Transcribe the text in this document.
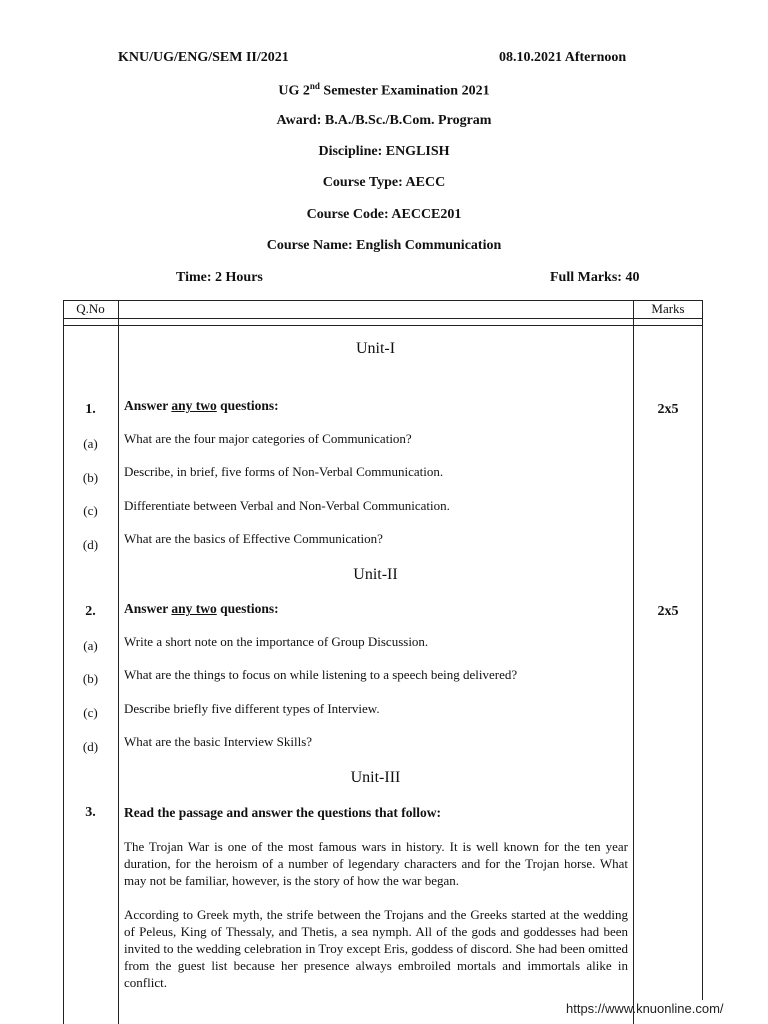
KNU/UG/ENG/SEM II/2021	08.10.2021 Afternoon
UG 2nd Semester Examination 2021
Award: B.A./B.Sc./B.Com. Program
Discipline: ENGLISH
Course Type: AECC
Course Code: AECCE201
Course Name: English Communication
Time: 2 Hours	Full Marks: 40
Q.No	Marks
Unit-I
1.	Answer any two questions:	2x5
(a)	What are the four major categories of Communication?
(b)	Describe, in brief, five forms of Non-Verbal Communication.
(c)	Differentiate between Verbal and Non-Verbal Communication.
(d)	What are the basics of Effective Communication?
Unit-II
2.	Answer any two questions:	2x5
(a)	Write a short note on the importance of Group Discussion.
(b)	What are the things to focus on while listening to a speech being delivered?
(c)	Describe briefly five different types of Interview.
(d)	What are the basic Interview Skills?
Unit-III
3.	Read the passage and answer the questions that follow:
The Trojan War is one of the most famous wars in history. It is well known for the ten year duration, for the heroism of a number of legendary characters and for the Trojan horse. What may not be familiar, however, is the story of how the war began.
According to Greek myth, the strife between the Trojans and the Greeks started at the wedding of Peleus, King of Thessaly, and Thetis, a sea nymph. All of the gods and goddesses had been invited to the wedding celebration in Troy except Eris, goddess of discord. She had been omitted from the guest list because her presence always embroiled mortals and immortals alike in conflict.
https://www.knuonline.com/
